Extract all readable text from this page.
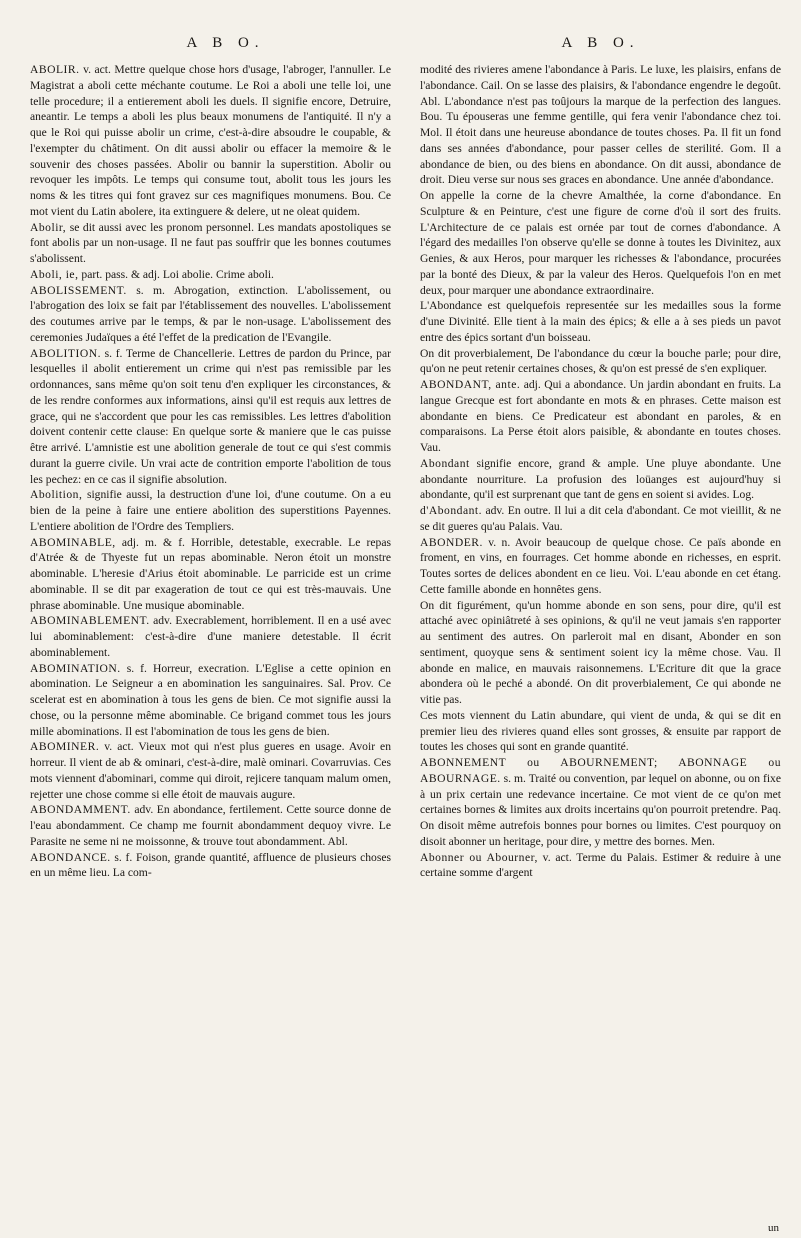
A B O.

ABOLIR. v. act. Mettre quelque chose hors d'usage, l'abroger, l'annuller. Le Magistrat a aboli cette méchante coutume. Le Roi a aboli une telle loi, une telle procedure; il a entierement aboli les duels. Il signifie encore, Detruire, aneantir. Le temps a aboli les plus beaux monumens de l'antiquité. Il n'y a que le Roi qui puisse abolir un crime, c'est-à-dire absoudre le coupable, & l'exempter du châtiment. On dit aussi abolir ou effacer la memoire & le souvenir des choses passées. Abolir ou bannir la superstition. Abolir ou revoquer les impôts. Le temps qui consume tout, abolit tous les jours les noms & les titres qui font gravez sur ces magnifiques monumens. Bou. Ce mot vient du Latin abolere, ita extinguere & delere, ut ne oleat quidem.

Abolir, se dit aussi avec les pronom personnel. Les mandats apostoliques se font abolis par un non-usage. Il ne faut pas souffrir que les bonnes coutumes s'abolissent.

Aboli, ie, part. pass. & adj. Loi abolie. Crime aboli.

ABOLISSEMENT. s. m. Abrogation, extinction. L'abolissement, ou l'abrogation des loix se fait par l'établissement des nouvelles. L'abolissement des coutumes arrive par le temps, & par le non-usage. L'abolissement des ceremonies Judaïques a été l'effet de la predication de l'Evangile.

ABOLITION. s. f. Terme de Chancellerie. Lettres de pardon du Prince, par lesquelles il abolit entierement un crime qui n'est pas remissible par les ordonnances, sans même qu'on soit tenu d'en expliquer les circonstances, & de les rendre conformes aux informations, ainsi qu'il est requis aux lettres de grace, qui ne s'accordent que pour les cas remissibles. Les lettres d'abolition doivent contenir cette clause: En quelque sorte & maniere que le cas puisse être arrivé. L'amnistie est une abolition generale de tout ce qui s'est commis durant la guerre civile. Un vrai acte de contrition emporte l'abolition de tous les pechez: en ce cas il signifie absolution.

Abolition, signifie aussi, la destruction d'une loi, d'une coutume. On a eu bien de la peine à faire une entiere abolition des superstitions Payennes. L'entiere abolition de l'Ordre des Templiers.

ABOMINABLE, adj. m. & f. Horrible, detestable, execrable. Le repas d'Atrée & de Thyeste fut un repas abominable. Neron étoit un monstre abominable. L'heresie d'Arius étoit abominable. Le parricide est un crime abominable. Il se dit par exageration de tout ce qui est très-mauvais. Une phrase abominable. Une musique abominable.

ABOMINABLEMENT. adv. Execrablement, horriblement. Il en a usé avec lui abominablement: c'est-à-dire d'une maniere detestable. Il écrit abominablement.

ABOMINATION. s. f. Horreur, execration. L'Eglise a cette opinion en abomination. Le Seigneur a en abomination les sanguinaires. Sal. Prov. Ce scelerat est en abomination à tous les gens de bien. Ce mot signifie aussi la chose, ou la personne même abominable. Ce brigand commet tous les jours mille abominations. Il est l'abomination de tous les gens de bien.

ABOMINER. v. act. Vieux mot qui n'est plus gueres en usage. Avoir en horreur. Il vient de ab & ominari, c'est-à-dire, malè ominari. Covarruvias. Ces mots viennent d'abominari, comme qui diroit, rejicere tanquam malum omen, rejetter une chose comme si elle étoit de mauvais augure.

ABONDAMMENT. adv. En abondance, fertilement. Cette source donne de l'eau abondamment. Ce champ me fournit abondamment dequoy vivre. Le Parasite ne seme ni ne moissonne, & trouve tout abondamment. Abl.

ABONDANCE. s. f. Foison, grande quantité, affluence de plusieurs choses en un même lieu. La com-

A B O.

modité des rivieres amene l'abondance à Paris. Le luxe, les plaisirs, enfans de l'abondance. Cail. On se lasse des plaisirs, & l'abondance engendre le degoût. Abl. L'abondance n'est pas toûjours la marque de la perfection des langues. Bou. Tu épouseras une femme gentille, qui fera venir l'abondance chez toi. Mol. Il étoit dans une heureuse abondance de toutes choses. Pa. Il fit un fond dans ses années d'abondance, pour passer celles de sterilité. Gom. Il a abondance de bien, ou des biens en abondance. On dit aussi, abondance de droit. Dieu verse sur nous ses graces en abondance. Une année d'abondance.

On appelle la corne de la chevre Amalthée, la corne d'abondance. En Sculpture & en Peinture, c'est une figure de corne d'où il sort des fruits. L'Architecture de ce palais est ornée par tout de cornes d'abondance. A l'égard des medailles l'on observe qu'elle se donne à toutes les Divinitez, aux Genies, & aux Heros, pour marquer les richesses & l'abondance, procurées par la bonté des Dieux, & par la valeur des Heros. Quelquefois l'on en met deux, pour marquer une abondance extraordinaire.

L'Abondance est quelquefois representée sur les medailles sous la forme d'une Divinité. Elle tient à la main des épics; & elle a à ses pieds un pavot entre des épics sortant d'un boisseau.

On dit proverbialement, De l'abondance du cœur la bouche parle; pour dire, qu'on ne peut retenir certaines choses, & qu'on est pressé de s'en expliquer.

ABONDANT, ante. adj. Qui a abondance. Un jardin abondant en fruits. La langue Grecque est fort abondante en mots & en phrases. Cette maison est abondante en biens. Ce Predicateur est abondant en paroles, & en comparaisons. La Perse étoit alors paisible, & abondante en toutes choses. Vau.

Abondant signifie encore, grand & ample. Une pluye abondante. Une abondante nourriture. La profusion des loüanges est aujourd'huy si abondante, qu'il est surprenant que tant de gens en soient si avides. Log.

d'Abondant. adv. En outre. Il lui a dit cela d'abondant. Ce mot vieillit, & ne se dit gueres qu'au Palais. Vau.

ABONDER. v. n. Avoir beaucoup de quelque chose. Ce païs abonde en froment, en vins, en fourrages. Cet homme abonde en richesses, en esprit. Toutes sortes de delices abondent en ce lieu. Voi. L'eau abonde en cet étang. Cette famille abonde en honnêtes gens.

On dit figurément, qu'un homme abonde en son sens, pour dire, qu'il est attaché avec opiniâtreté à ses opinions, & qu'il ne veut jamais s'en rapporter au sentiment des autres. On parleroit mal en disant, Abonder en son sentiment, quoyque sens & sentiment soient icy la même chose. Vau. Il abonde en malice, en mauvais raisonnemens. L'Ecriture dit que la grace abondera où le peché a abondé. On dit proverbialement, Ce qui abonde ne vitie pas.

Ces mots viennent du Latin abundare, qui vient de unda, & qui se dit en premier lieu des rivieres quand elles sont grosses, & ensuite par rapport de toutes les choses qui sont en grande quantité.

ABONNEMENT ou ABOURNEMENT; ABONNAGE ou ABOURNAGE. s. m. Traité ou convention, par lequel on abonne, ou on fixe à un prix certain une redevance incertaine. Ce mot vient de ce qu'on met certaines bornes & limites aux droits incertains qu'on pourroit pretendre. Paq. On disoit même autrefois bonnes pour bornes ou limites. C'est pourquoy on disoit abonner un heritage, pour dire, y mettre des bornes. Men.

Abonner ou Abourner, v. act. Terme du Palais. Estimer & reduire à une certaine somme d'argent

un
